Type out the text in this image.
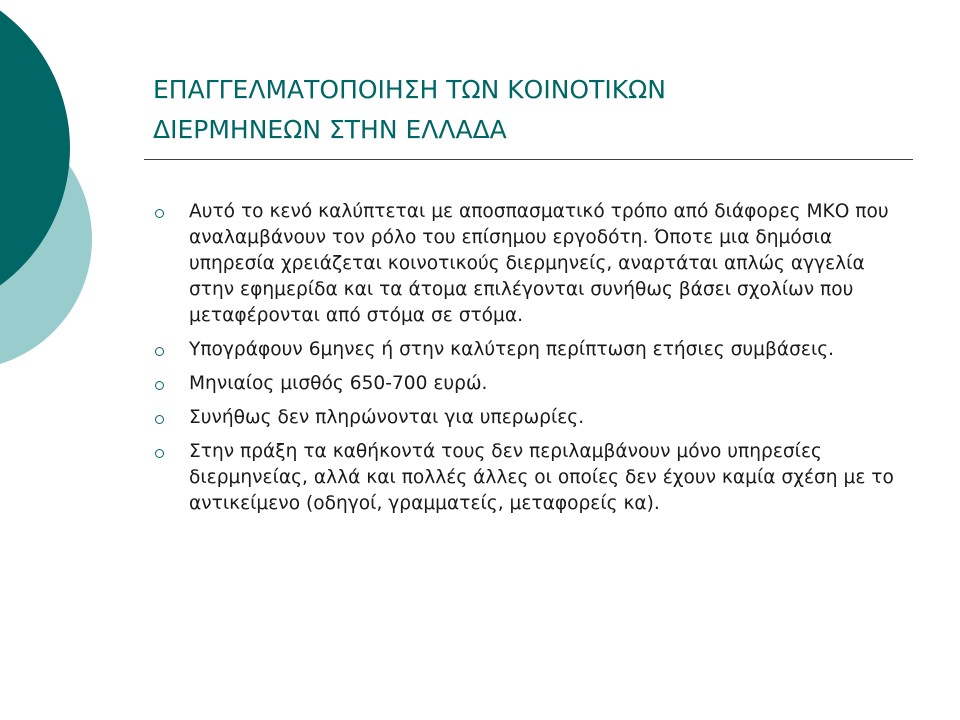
ΕΠΑΓΓΕΛΜΑΤΟΠΟΙΗΣΗ ΤΩΝ ΚΟΙΝΟΤΙΚΩΝ
ΔΙΕΡΜΗΝΕΩΝ ΣΤΗΝ ΕΛΛΑΔΑ
Αυτό το κενό καλύπτεται με αποσπασματικό τρόπο από διάφορες ΜΚΟ που αναλαμβάνουν τον ρόλο του επίσημου εργοδότη. Όποτε μια δημόσια υπηρεσία χρειάζεται κοινοτικούς διερμηνείς, αναρτάται απλώς αγγελία στην εφημερίδα και τα άτομα επιλέγονται συνήθως βάσει σχολίων που μεταφέρονται από στόμα σε στόμα.
Υπογράφουν 6μηνες ή στην καλύτερη περίπτωση ετήσιες συμβάσεις.
Μηνιαίος μισθός 650-700 ευρώ.
Συνήθως δεν πληρώνονται για υπερωρίες.
Στην πράξη τα καθήκοντά τους δεν περιλαμβάνουν μόνο υπηρεσίες διερμηνείας, αλλά και πολλές άλλες οι οποίες δεν έχουν καμία σχέση με το αντικείμενο (οδηγοί, γραμματείς, μεταφορείς κα).
